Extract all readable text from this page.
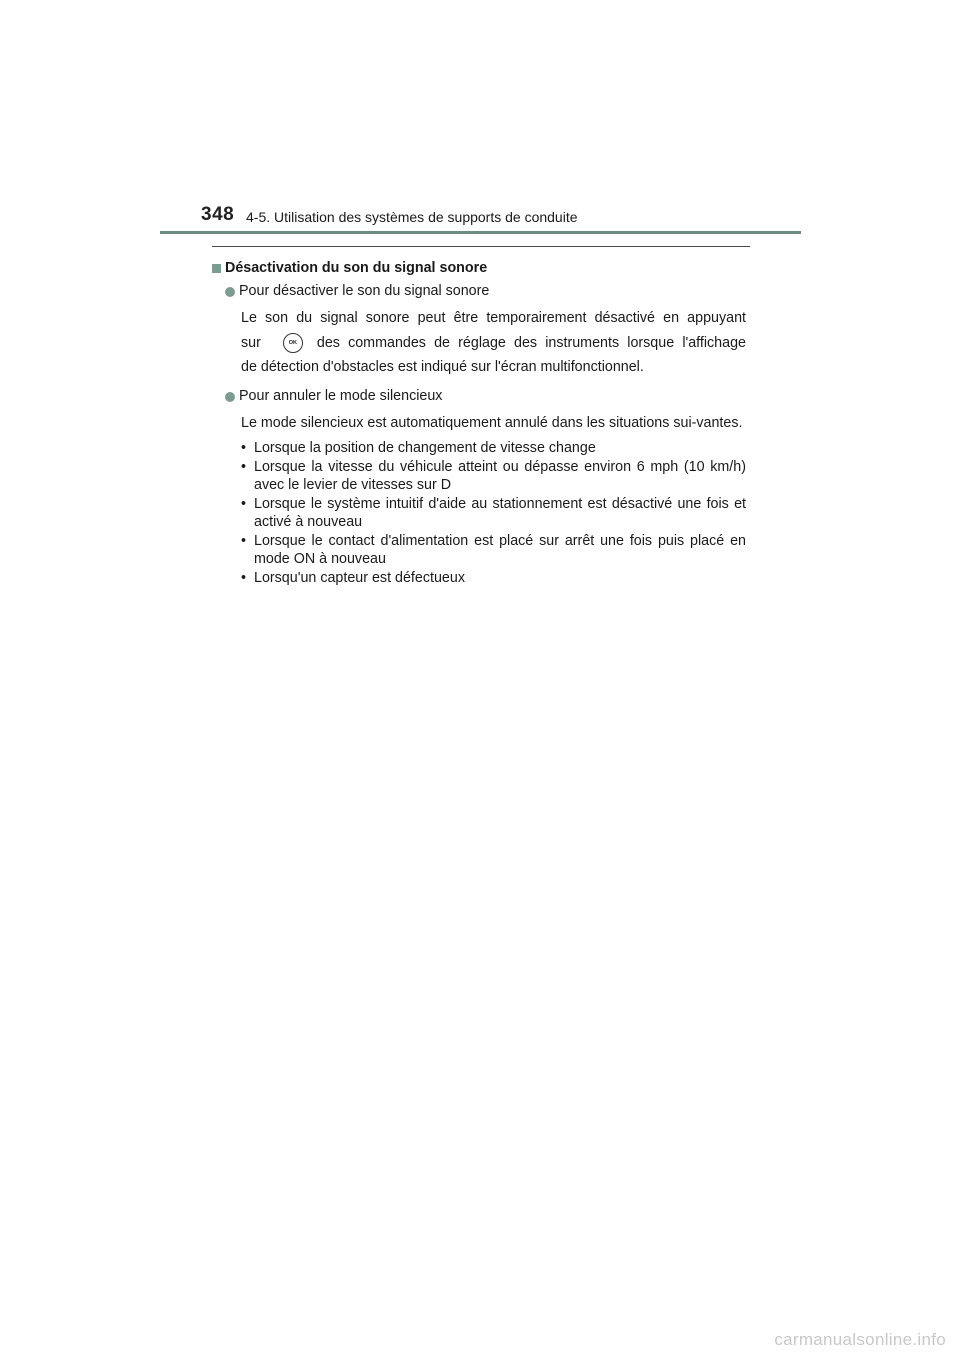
348 4-5. Utilisation des systèmes de supports de conduite
Désactivation du son du signal sonore
Pour désactiver le son du signal sonore
Le son du signal sonore peut être temporairement désactivé en appuyant
sur	OK	des commandes de réglage des instruments lorsque l'affichage
de détection d'obstacles est indiqué sur l'écran multifonctionnel.
Pour annuler le mode silencieux
Le mode silencieux est automatiquement annulé dans les situations sui-vantes.
• Lorsque la position de changement de vitesse change
• Lorsque la vitesse du véhicule atteint ou dépasse environ 6 mph (10 km/h) avec le levier de vitesses sur D
• Lorsque le système intuitif d'aide au stationnement est désactivé une fois et activé à nouveau
• Lorsque le contact d'alimentation est placé sur arrêt une fois puis placé en mode ON à nouveau
• Lorsqu'un capteur est défectueux
carmanualsonline.info
